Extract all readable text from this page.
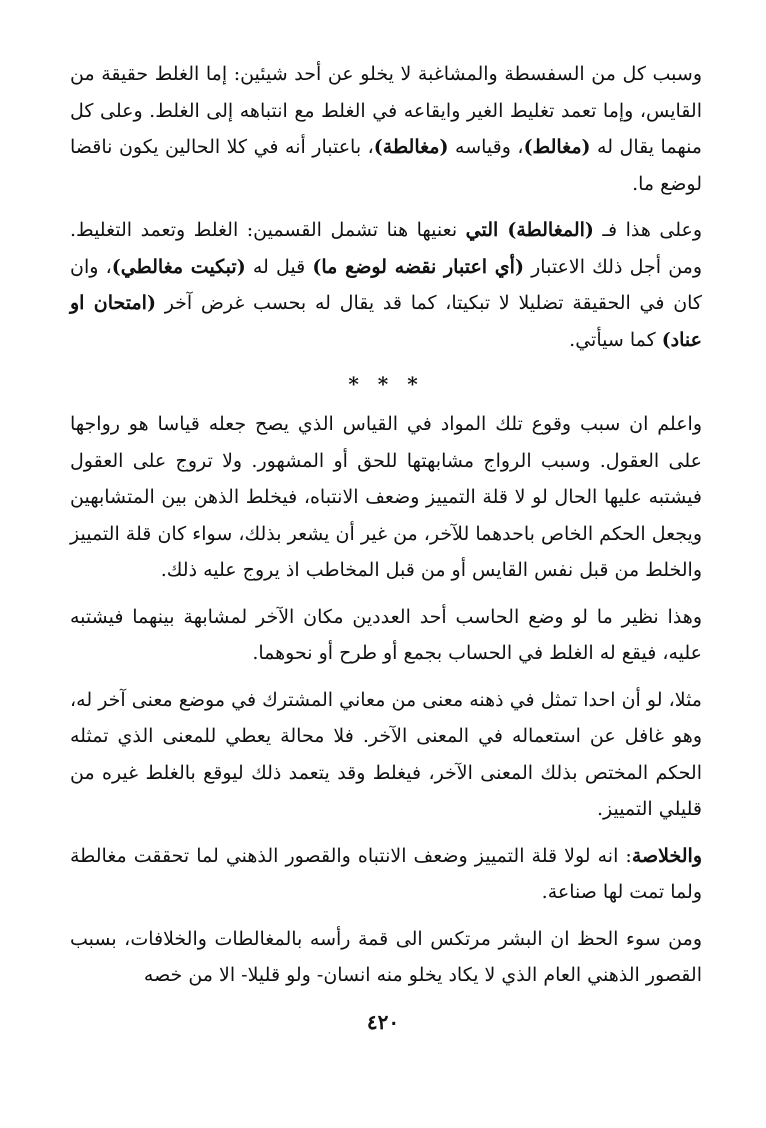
وسبب كل من السفسطة والمشاغبة لا يخلو عن أحد شيئين: إما الغلط حقيقة من القايس، وإما تعمد تغليط الغير وايقاعه في الغلط مع انتباهه إلى الغلط. وعلى كل منهما يقال له (مغالط)، وقياسه (مغالطة)، باعتبار أنه في كلا الحالين يكون ناقضا لوضع ما.

وعلى هذا فـ (المغالطة) التي نعنيها هنا تشمل القسمين: الغلط وتعمد التغليط. ومن أجل ذلك الاعتبار (أي اعتبار نقضه لوضع ما) قيل له (تبكيت مغالطي)، وان كان في الحقيقة تضليلا لا تبكيتا، كما قد يقال له بحسب غرض آخر (امتحان او عناد) كما سيأتي.

* * *

واعلم ان سبب وقوع تلك المواد في القياس الذي يصح جعله قياسا هو رواجها على العقول. وسبب الرواج مشابهتها للحق أو المشهور. ولا تروج على العقول فيشتبه عليها الحال لو لا قلة التمييز وضعف الانتباه، فيخلط الذهن بين المتشابهين ويجعل الحكم الخاص باحدهما للآخر، من غير أن يشعر بذلك، سواء كان قلة التمييز والخلط من قبل نفس القايس أو من قبل المخاطب اذ يروج عليه ذلك.

وهذا نظير ما لو وضع الحاسب أحد العددين مكان الآخر لمشابهة بينهما فيشتبه عليه، فيقع له الغلط في الحساب بجمع أو طرح أو نحوهما.

مثلا، لو أن احدا تمثل في ذهنه معنى من معاني المشترك في موضع معنى آخر له، وهو غافل عن استعماله في المعنى الآخر. فلا محالة يعطي للمعنى الذي تمثله الحكم المختص بذلك المعنى الآخر، فيغلط وقد يتعمد ذلك ليوقع بالغلط غيره من قليلي التمييز.

والخلاصة: انه لولا قلة التمييز وضعف الانتباه والقصور الذهني لما تحققت مغالطة ولما تمت لها صناعة.

ومن سوء الحظ ان البشر مرتكس الى قمة رأسه بالمغالطات والخلافات، بسبب القصور الذهني العام الذي لا يكاد يخلو منه انسان- ولو قليلا- الا من خصه

٤٢٠
